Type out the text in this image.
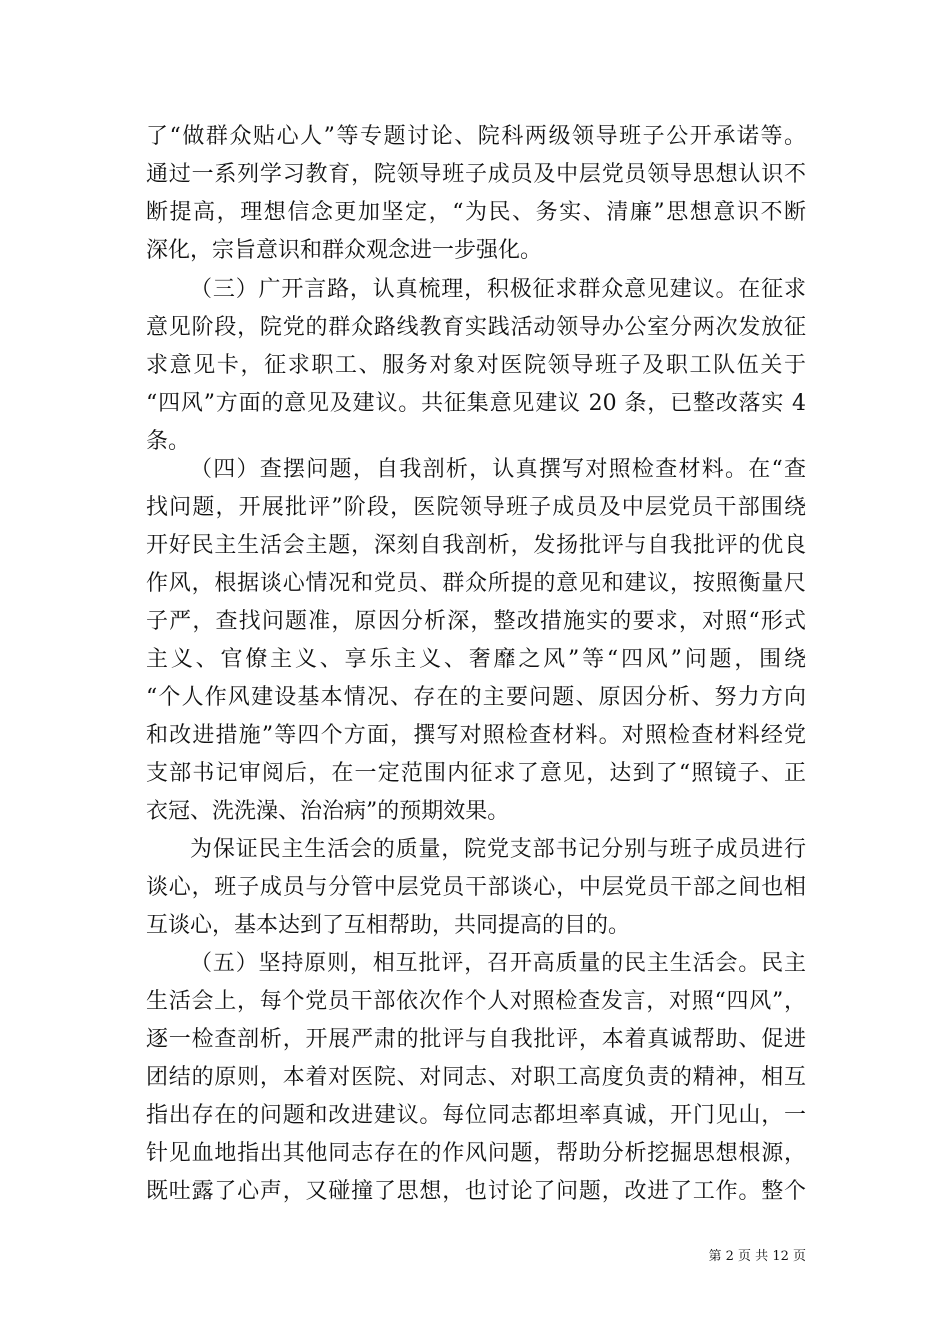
了“做群众贴心人”等专题讨论、院科两级领导班子公开承诺等。
通过一系列学习教育，院领导班子成员及中层党员领导思想认识不
断提高，理想信念更加坚定，“为民、务实、清廉”思想意识不断
深化，宗旨意识和群众观念进一步强化。
（三）广开言路，认真梳理，积极征求群众意见建议。在征求
意见阶段，院党的群众路线教育实践活动领导办公室分两次发放征
求意见卡，征求职工、服务对象对医院领导班子及职工队伍关于
“四风”方面的意见及建议。共征集意见建议 20 条，已整改落实 4
条。
（四）查摆问题，自我剖析，认真撰写对照检查材料。在“查
找问题，开展批评”阶段，医院领导班子成员及中层党员干部围绕
开好民主生活会主题，深刻自我剖析，发扬批评与自我批评的优良
作风，根据谈心情况和党员、群众所提的意见和建议，按照衡量尺
子严，查找问题准，原因分析深，整改措施实的要求，对照“形式
主义、官僚主义、享乐主义、奢靡之风”等“四风”问题，围绕
“个人作风建设基本情况、存在的主要问题、原因分析、努力方向
和改进措施”等四个方面，撰写对照检查材料。对照检查材料经党
支部书记审阅后，在一定范围内征求了意见，达到了“照镜子、正
衣冠、洗洗澡、治治病”的预期效果。
为保证民主生活会的质量，院党支部书记分别与班子成员进行
谈心，班子成员与分管中层党员干部谈心，中层党员干部之间也相
互谈心，基本达到了互相帮助，共同提高的目的。
（五）坚持原则，相互批评，召开高质量的民主生活会。民主
生活会上，每个党员干部依次作个人对照检查发言，对照“四风”，
逐一检查剖析，开展严肃的批评与自我批评，本着真诚帮助、促进
团结的原则，本着对医院、对同志、对职工高度负责的精神，相互
指出存在的问题和改进建议。每位同志都坦率真诚，开门见山，一
针见血地指出其他同志存在的作风问题，帮助分析挖掘思想根源，
既吐露了心声，又碰撞了思想，也讨论了问题，改进了工作。整个
第 2 页 共 12 页
